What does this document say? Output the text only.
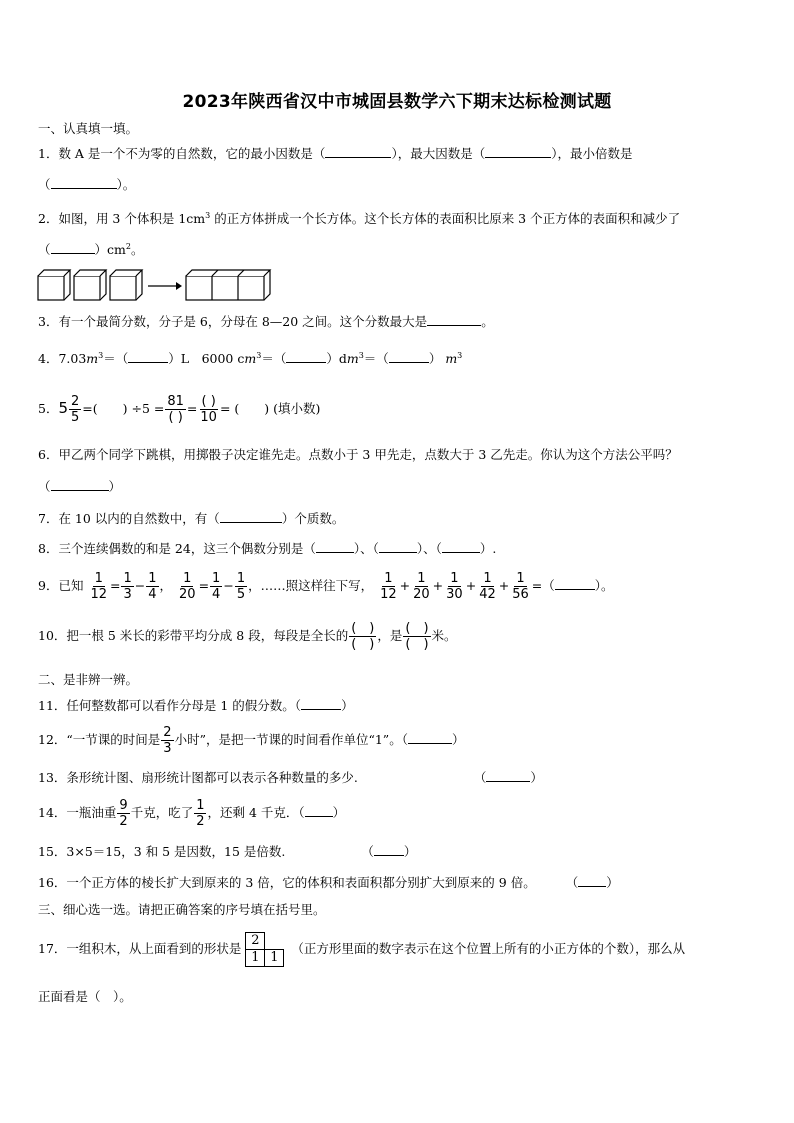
2023年陕西省汉中市城固县数学六下期末达标检测试题
一、认真填一填。
1．数 A 是一个不为零的自然数，它的最小因数是（	），最大因数是（	），最小倍数是
（	）。
2．如图，用 3 个体积是 $1cm^3$ 的正方体拼成一个长方体。这个长方体的表面积比原来 3 个正方体的表面积和减少了
（	）$cm^2$。
3．有一个最简分数，分子是 6，分母在 8—20 之间。这个分数最大是	。
4．$7.03m^3=$（	）L　6000 $cm^3=$（	）$dm^3=$（	） $m^3$
5．$5 \frac{2}{5}$ =(　　) $\div 5 = \frac{81}{( )} = \frac{( )}{10}$ = (　　) (填小数)
6．甲乙两个同学下跳棋，用掷骰子决定谁先走。点数小于 3 甲先走，点数大于 3 乙先走。你认为这个方法公平吗？
（	）
7．在 10 以内的自然数中，有（	）个质数。
8．三个连续偶数的和是 24，这三个偶数分别是（	）、（	）、（	）.
9．已知 $\frac{1}{12} = \frac{1}{3} - \frac{1}{4}$ ， $\frac{1}{20} = \frac{1}{4} - \frac{1}{5}$ ，……照这样往下写， $\frac{1}{12} + \frac{1}{20} + \frac{1}{30} + \frac{1}{42} + \frac{1}{56}$ =（	）。
10．把一根 5 米长的彩带平均分成 8 段，每段是全长的 $\frac{( )}{( )}$ ，是 $\frac{( )}{( )}$ 米。
二、是非辨一辨。
11．任何整数都可以看作分母是 1 的假分数。（	）
12．“一节课的时间是 $\frac{2}{3}$ 小时”，是把一节课的时间看作单位“1”。（	）
13．条形统计图、扇形统计图都可以表示各种数量的多少.	（	）
14．一瓶油重 $\frac{9}{2}$ 千克，吃了 $\frac{1}{2}$ ，还剩 4 千克．（ ）
15．3×5＝15，3 和 5 是因数，15 是倍数.	（ ）
16．一个正方体的棱长扩大到原来的 3 倍，它的体积和表面积都分别扩大到原来的 9 倍。 （ ）
三、细心选一选。请把正确答案的序号填在括号里。
17．一组积木，从上面看到的形状是
2
1 1
（正方形里面的数字表示在这个位置上所有的小正方体的个数），那么从
正面看是（　）。
